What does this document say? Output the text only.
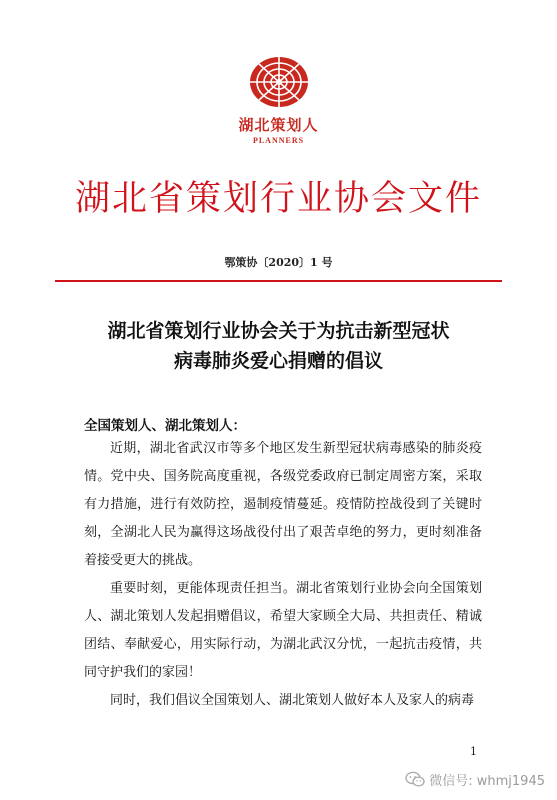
湖北策划人
PLANNERS
湖北省策划行业协会文件
鄂策协〔2020〕1 号
湖北省策划行业协会关于为抗击新型冠状
病毒肺炎爱心捐赠的倡议
全国策划人、湖北策划人：

近期，湖北省武汉市等多个地区发生新型冠状病毒感染的肺炎疫情。党中央、国务院高度重视，各级党委政府已制定周密方案，采取有力措施，进行有效防控，遏制疫情蔓延。疫情防控战役到了关键时刻，全湖北人民为赢得这场战役付出了艰苦卓绝的努力，更时刻准备着接受更大的挑战。

重要时刻，更能体现责任担当。湖北省策划行业协会向全国策划人、湖北策划人发起捐赠倡议，希望大家顾全大局、共担责任、精诚团结、奉献爱心，用实际行动，为湖北武汉分忧，一起抗击疫情，共同守护我们的家园！

同时，我们倡议全国策划人、湖北策划人做好本人及家人的病毒

1
微信号: whmj1945
